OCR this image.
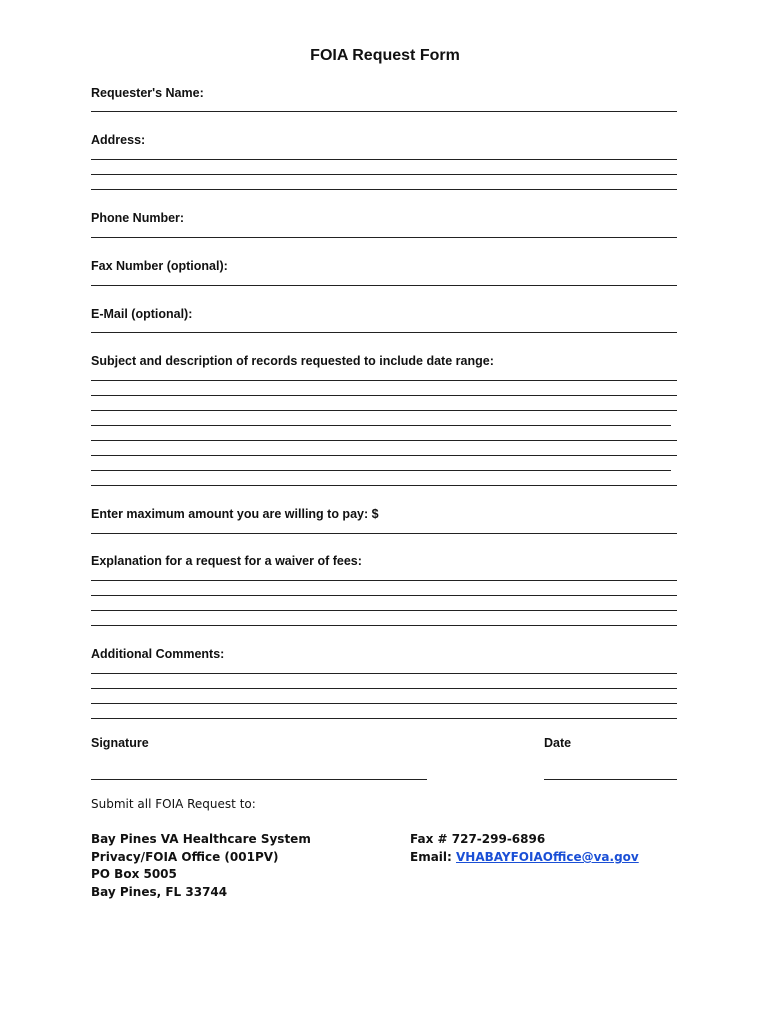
FOIA Request Form
Requester's Name:
Address:
Phone Number:
Fax Number (optional):
E-Mail (optional):
Subject and description of records requested to include date range:
Enter maximum amount you are willing to pay: $
Explanation for a request for a waiver of fees:
Additional Comments:
Signature	Date
Submit all FOIA Request to:
Bay Pines VA Healthcare System
Privacy/FOIA Office (001PV)
PO Box 5005
Bay Pines, FL 33744
Fax # 727-299-6896
Email: VHABAYFOIAOffice@va.gov
